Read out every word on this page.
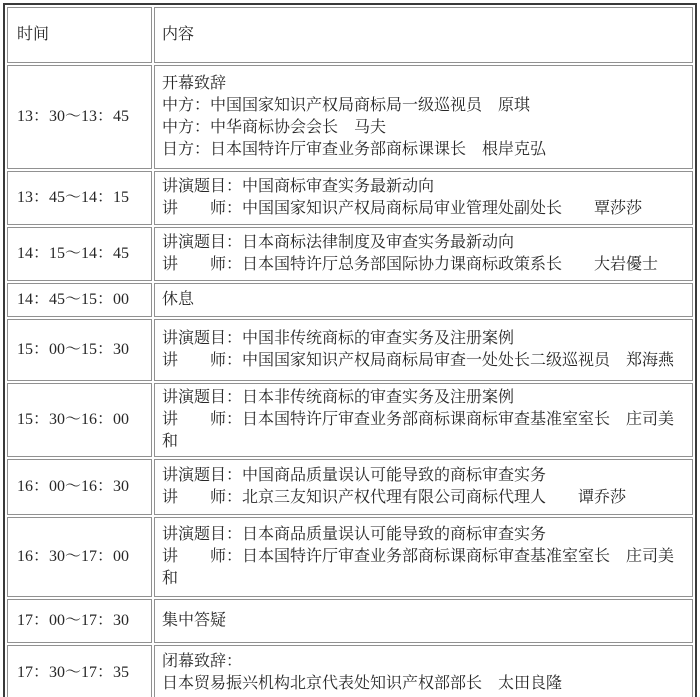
时间	内容
13：30～13：45	开幕致辞
中方：中国国家知识产权局商标局一级巡视员　原琪
中方：中华商标协会会长　马夫
日方：日本国特许厅审查业务部商标课课长　根岸克弘

13：45～14：15	讲演题目：中国商标审查实务最新动向
讲　　师：中国国家知识产权局商标局审业管理处副处长　　覃莎莎

14：15～14：45	讲演题目：日本商标法律制度及审查实务最新动向
讲　　师：日本国特许厅总务部国际协力课商标政策系长　　大岩優士

14：45～15：00	休息

15：00～15：30	讲演题目：中国非传统商标的审查实务及注册案例
讲　　师：中国国家知识产权局商标局审查一处处长二级巡视员　郑海燕

15：30～16：00	讲演题目：日本非传统商标的审查实务及注册案例
讲　　师：日本国特许厅审查业务部商标课商标审查基准室室长　庄司美和

16：00～16：30	讲演题目：中国商品质量误认可能导致的商标审查实务
讲　　师：北京三友知识产权代理有限公司商标代理人　　谭乔莎

16：30～17：00	讲演题目：日本商品质量误认可能导致的商标审查实务
讲　　师：日本国特许厅审查业务部商标课商标审查基准室室长　庄司美和

17：00～17：30	集中答疑

17：30～17：35	闭幕致辞：
日本贸易振兴机构北京代表处知识产权部部长　太田良隆
